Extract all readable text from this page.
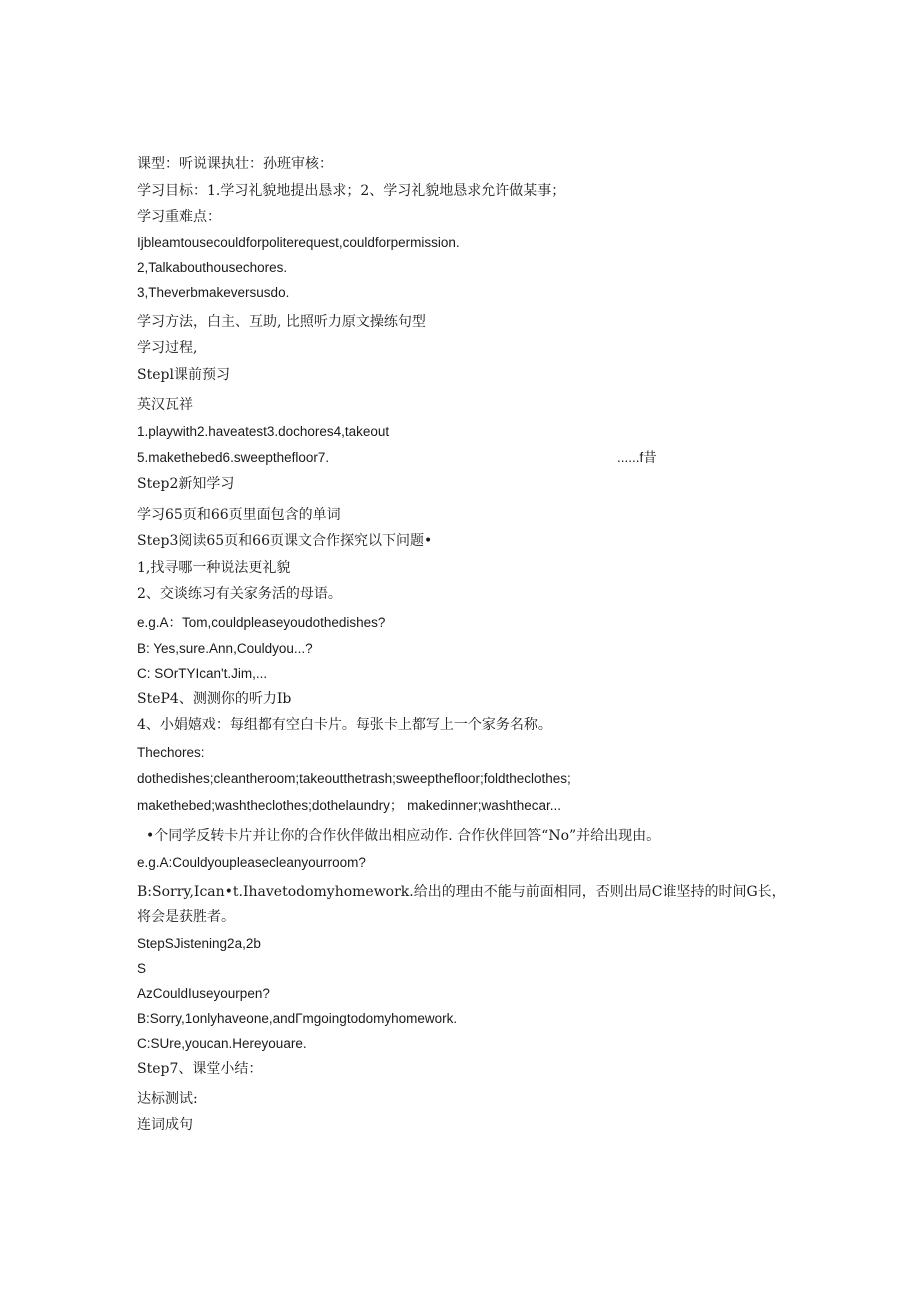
课型：听说课执壮：孙班审核：
学习目标：1.学习礼貌地提出恳求；2、学习礼貌地恳求允许做某事；
学习重难点：
Ijbleamtousecouldforpoliterequest,couldforpermission.
2,Talkabouthousechores.
3,Theverbmakeversusdo.
学习方法，白主、互助, 比照听力原文操练句型
学习过程,
Stepl课前预习
英汉瓦祥
1.playwith2.haveatest3.dochores4,takeout
5.makethebed6.sweepthefloor7.	......f昔
Step2新知学习
学习65页和66页里面包含的单词
Step3阅读65页和66页课文合作探究以下问题•
1,找寻哪一种说法更礼貌
2、交谈练习有关家务活的母语。
e.g.A：Tom,couldpleaseyoudothedishes?
B: Yes,sure.Ann,Couldyou...?
C: SOrTYIcan't.Jim,...
SteP4、测测你的听力Ib
4、小娟嬉戏：每组都有空白卡片。每张卡上都写上一个家务名称。
Thechores:
dothedishes;cleantheroom;takeoutthetrash;sweepthefloor;foldtheclothes;
makethebed;washtheclothes;dothelaundry； makedinner;washthecar...
•个同学反转卡片并让你的合作伙伴做出相应动作. 合作伙伴回答“No”并给出现由。
e.g.A:Couldyoupleasecleanyourroom?
B:Sorry,Ican•t.Ihavetodomyhomework.给出的理由不能与前面相同，否则出局C谁坚持的时间G长，
将会是获胜者。
StepSJistening2a,2b
S
AzCouldIuseyourpen?
B:Sorry,1onlyhaveone,andΓmgoingtodomyhomework.
C:SUre,youcan.Hereyouare.
Step7、课堂小结：
达标测试:
连词成句
